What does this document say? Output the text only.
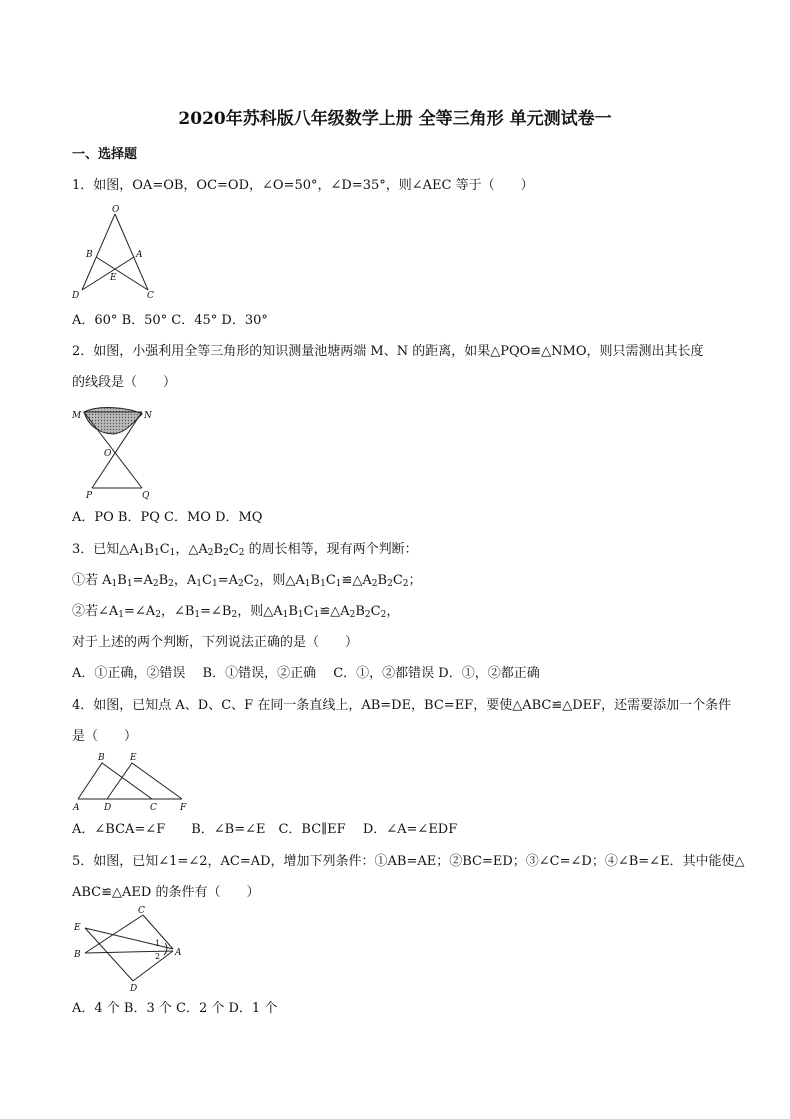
2020年苏科版八年级数学上册 全等三角形 单元测试卷一
一、选择题
1．如图，OA=OB，OC=OD，∠O=50°，∠D=35°，则∠AEC 等于（　　）
O
B	A
E
D	C
A．60° B．50° C．45° D．30°
2．如图，小强利用全等三角形的知识测量池塘两端 M、N 的距离，如果△PQO≌△NMO，则只需测出其长度
的线段是（　　）
M	N
O
P	Q
A．PO B．PQ C．MO D．MQ
3．已知$\triangle A_1B_1C_1$，$\triangle A_2B_2C_2$ 的周长相等，现有两个判断：
①若 $A_1B_1=A_2B_2$，$A_1C_1=A_2C_2$，则$\triangle A_1B_1C_1≌\triangle A_2B_2C_2$；
②若$\angle A_1=\angle A_2$，$\angle B_1=\angle B_2$，则$\triangle A_1B_1C_1≌\triangle A_2B_2C_2$，
对于上述的两个判断，下列说法正确的是（　　）
A．①正确，②错误　 B．①错误，②正确　 C．①，②都错误 D．①，②都正确
4．如图，已知点 A、D、C、F 在同一条直线上，AB=DE，BC=EF，要使△ABC≌△DEF，还需要添加一个条件
是（　　）
B	E
A	D	C	F
A．∠BCA=∠F　　B．∠B=∠E　C．BC∥EF　 D．∠A=∠EDF
5．如图，已知∠1=∠2，AC=AD，增加下列条件：①AB=AE；②BC=ED；③∠C=∠D；④∠B=∠E．其中能使△
ABC≌△AED 的条件有（　　）
C
E
B	A
D
1
2
A．4 个 B．3 个 C．2 个 D．1 个
